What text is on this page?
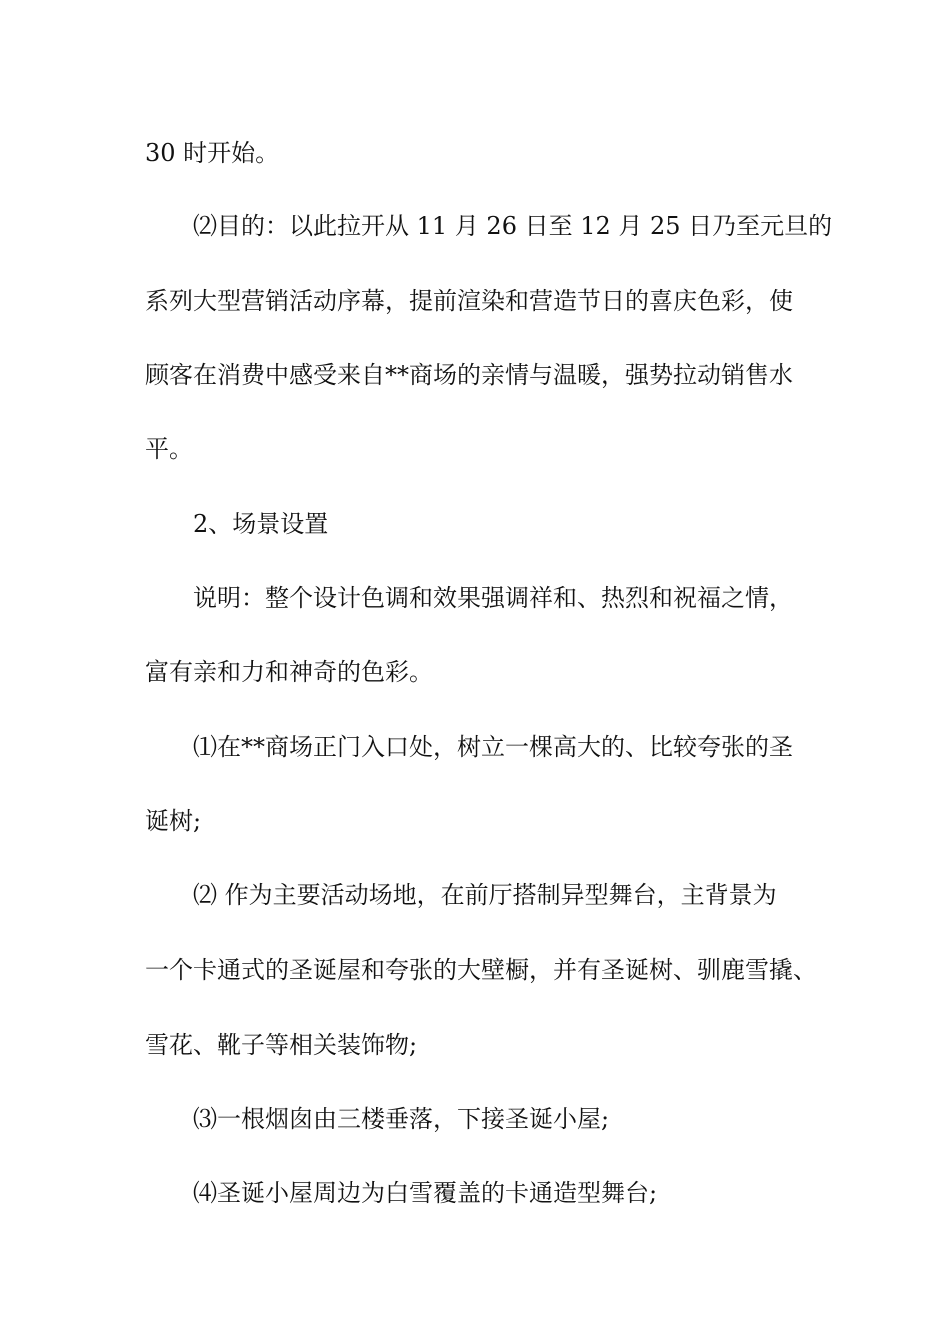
30 时开始。
⑵目的：以此拉开从 11 月 26 日至 12 月 25 日乃至元旦的
系列大型营销活动序幕，提前渲染和营造节日的喜庆色彩，使
顾客在消费中感受来自**商场的亲情与温暖，强势拉动销售水
平。
2、场景设置
说明：整个设计色调和效果强调祥和、热烈和祝福之情，
富有亲和力和神奇的色彩。
⑴在**商场正门入口处，树立一棵高大的、比较夸张的圣
诞树;
⑵ 作为主要活动场地，在前厅搭制异型舞台，主背景为
一个卡通式的圣诞屋和夸张的大壁橱，并有圣诞树、驯鹿雪撬、
雪花、靴子等相关装饰物;
⑶一根烟囱由三楼垂落，下接圣诞小屋;
⑷圣诞小屋周边为白雪覆盖的卡通造型舞台;
